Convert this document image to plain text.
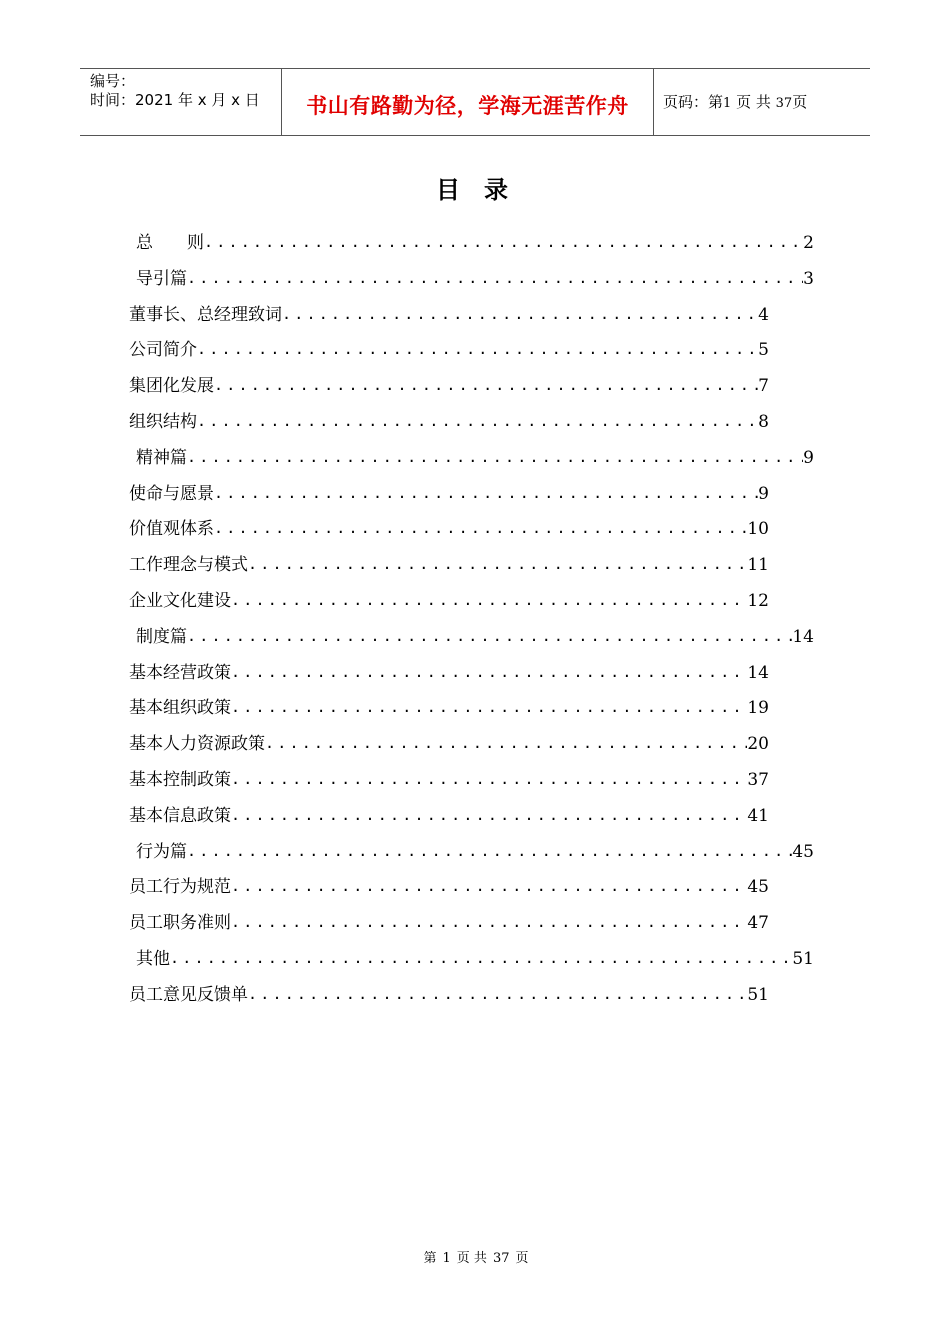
编号：
时间：2021 年 x 月 x 日	书山有路勤为径，学海无涯苦作舟	页码：第1 页 共 37页
目录
总　　则 .....	2
导引篇 .....	3
董事长、总经理致词 .....	4
公司简介 .....	5
集团化发展 .....	7
组织结构 .....	8
精神篇 .....	9
使命与愿景 .....	9
价值观体系 .....	10
工作理念与模式 .....	11
企业文化建设 .....	12
制度篇 .....	14
基本经营政策 .....	14
基本组织政策 .....	19
基本人力资源政策 .....	20
基本控制政策 .....	37
基本信息政策 .....	41
行为篇 .....	45
员工行为规范 .....	45
员工职务准则 .....	47
其他 .....	51
员工意见反馈单 .....	51
第 1 页 共 37 页
